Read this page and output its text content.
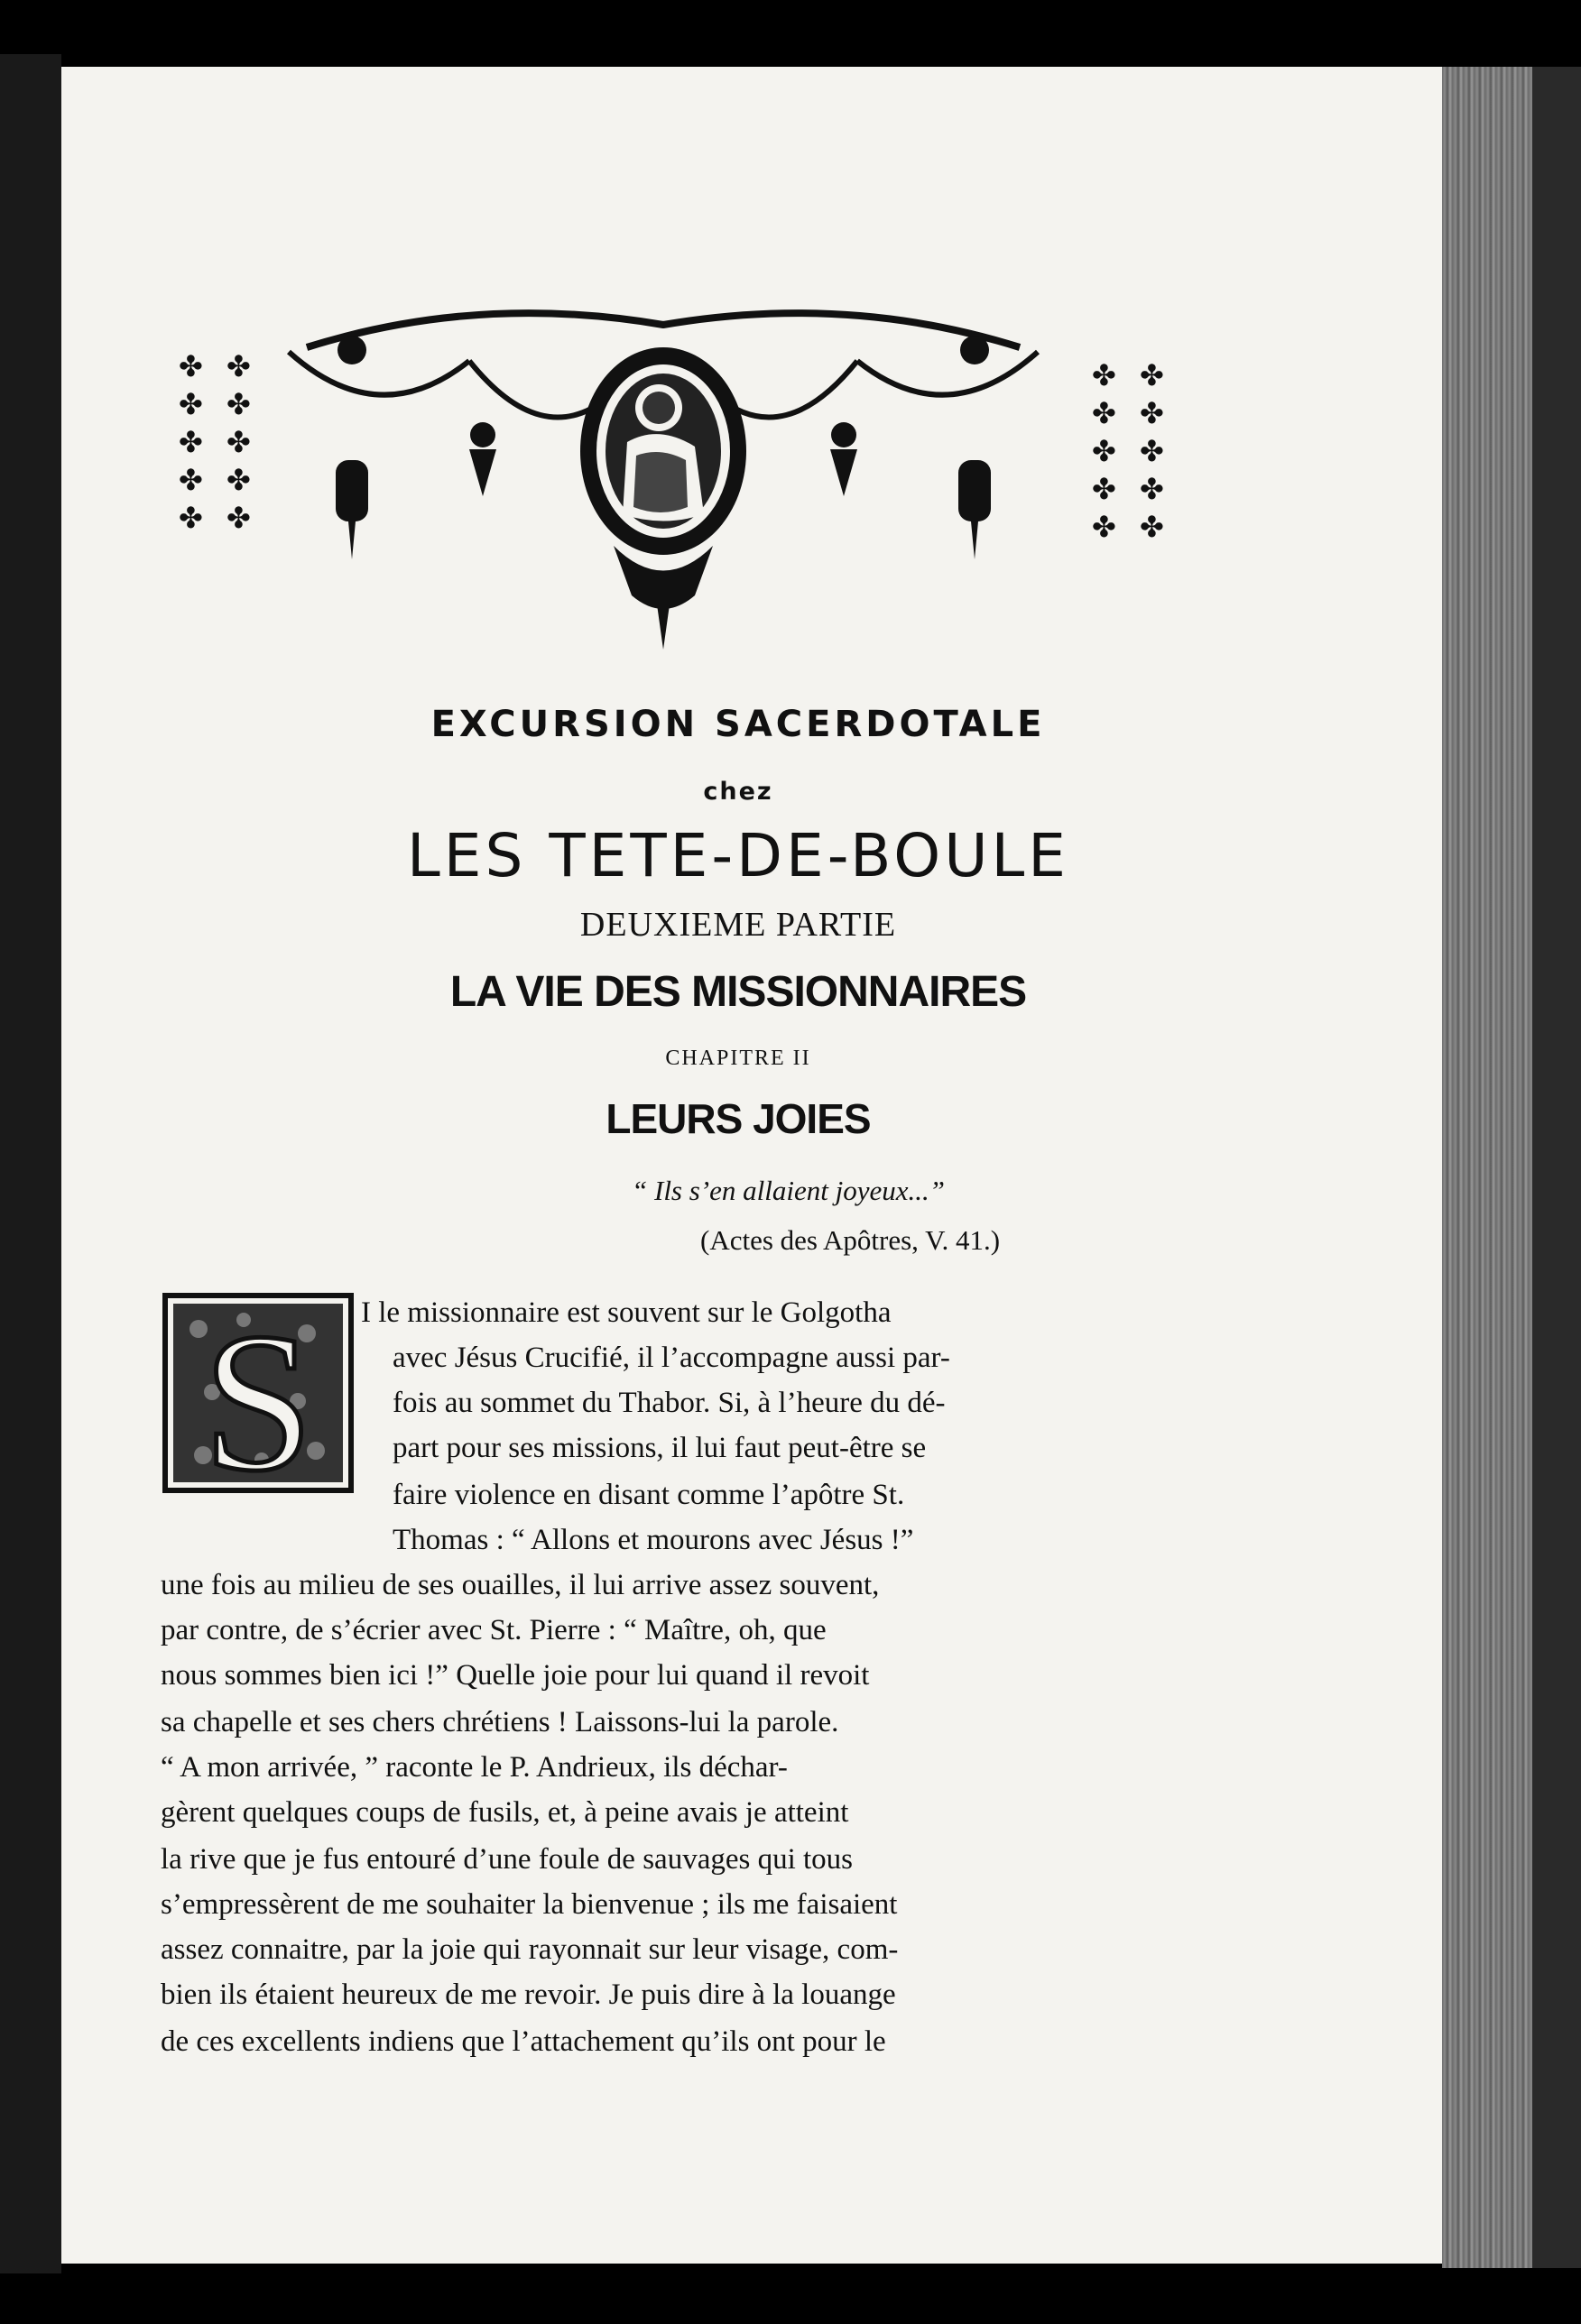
✤ ✤
✤ ✤
✤ ✤
✤ ✤
✤ ✤
✤ ✤
✤ ✤
✤ ✤
✤ ✤
✤ ✤
EXCURSION SACERDOTALE
chez
LES TETE-DE-BOULE
DEUXIEME PARTIE
LA VIE DES MISSIONNAIRES
CHAPITRE II
LEURS JOIES
“ Ils s’en allaient joyeux...”
(Actes des Apôtres, V. 41.)
S I le missionnaire est souvent sur le Golgotha

avec Jésus Crucifié, il l’accompagne aussi par-

fois au sommet du Thabor. Si, à l’heure du dé-

part pour ses missions, il lui faut peut-être se

faire violence en disant comme l’apôtre St.

Thomas : “ Allons et mourons avec Jésus !”

une fois au milieu de ses ouailles, il lui arrive assez souvent,

par contre, de s’écrier avec St. Pierre : “ Maître, oh, que

nous sommes bien ici !” Quelle joie pour lui quand il revoit

sa chapelle et ses chers chrétiens ! Laissons-lui la parole.

“ A mon arrivée, ” raconte le P. Andrieux, ils déchar-

gèrent quelques coups de fusils, et, à peine avais je atteint

la rive que je fus entouré d’une foule de sauvages qui tous

s’empressèrent de me souhaiter la bienvenue ; ils me faisaient

assez connaitre, par la joie qui rayonnait sur leur visage, com-

bien ils étaient heureux de me revoir. Je puis dire à la louange

de ces excellents indiens que l’attachement qu’ils ont pour le
